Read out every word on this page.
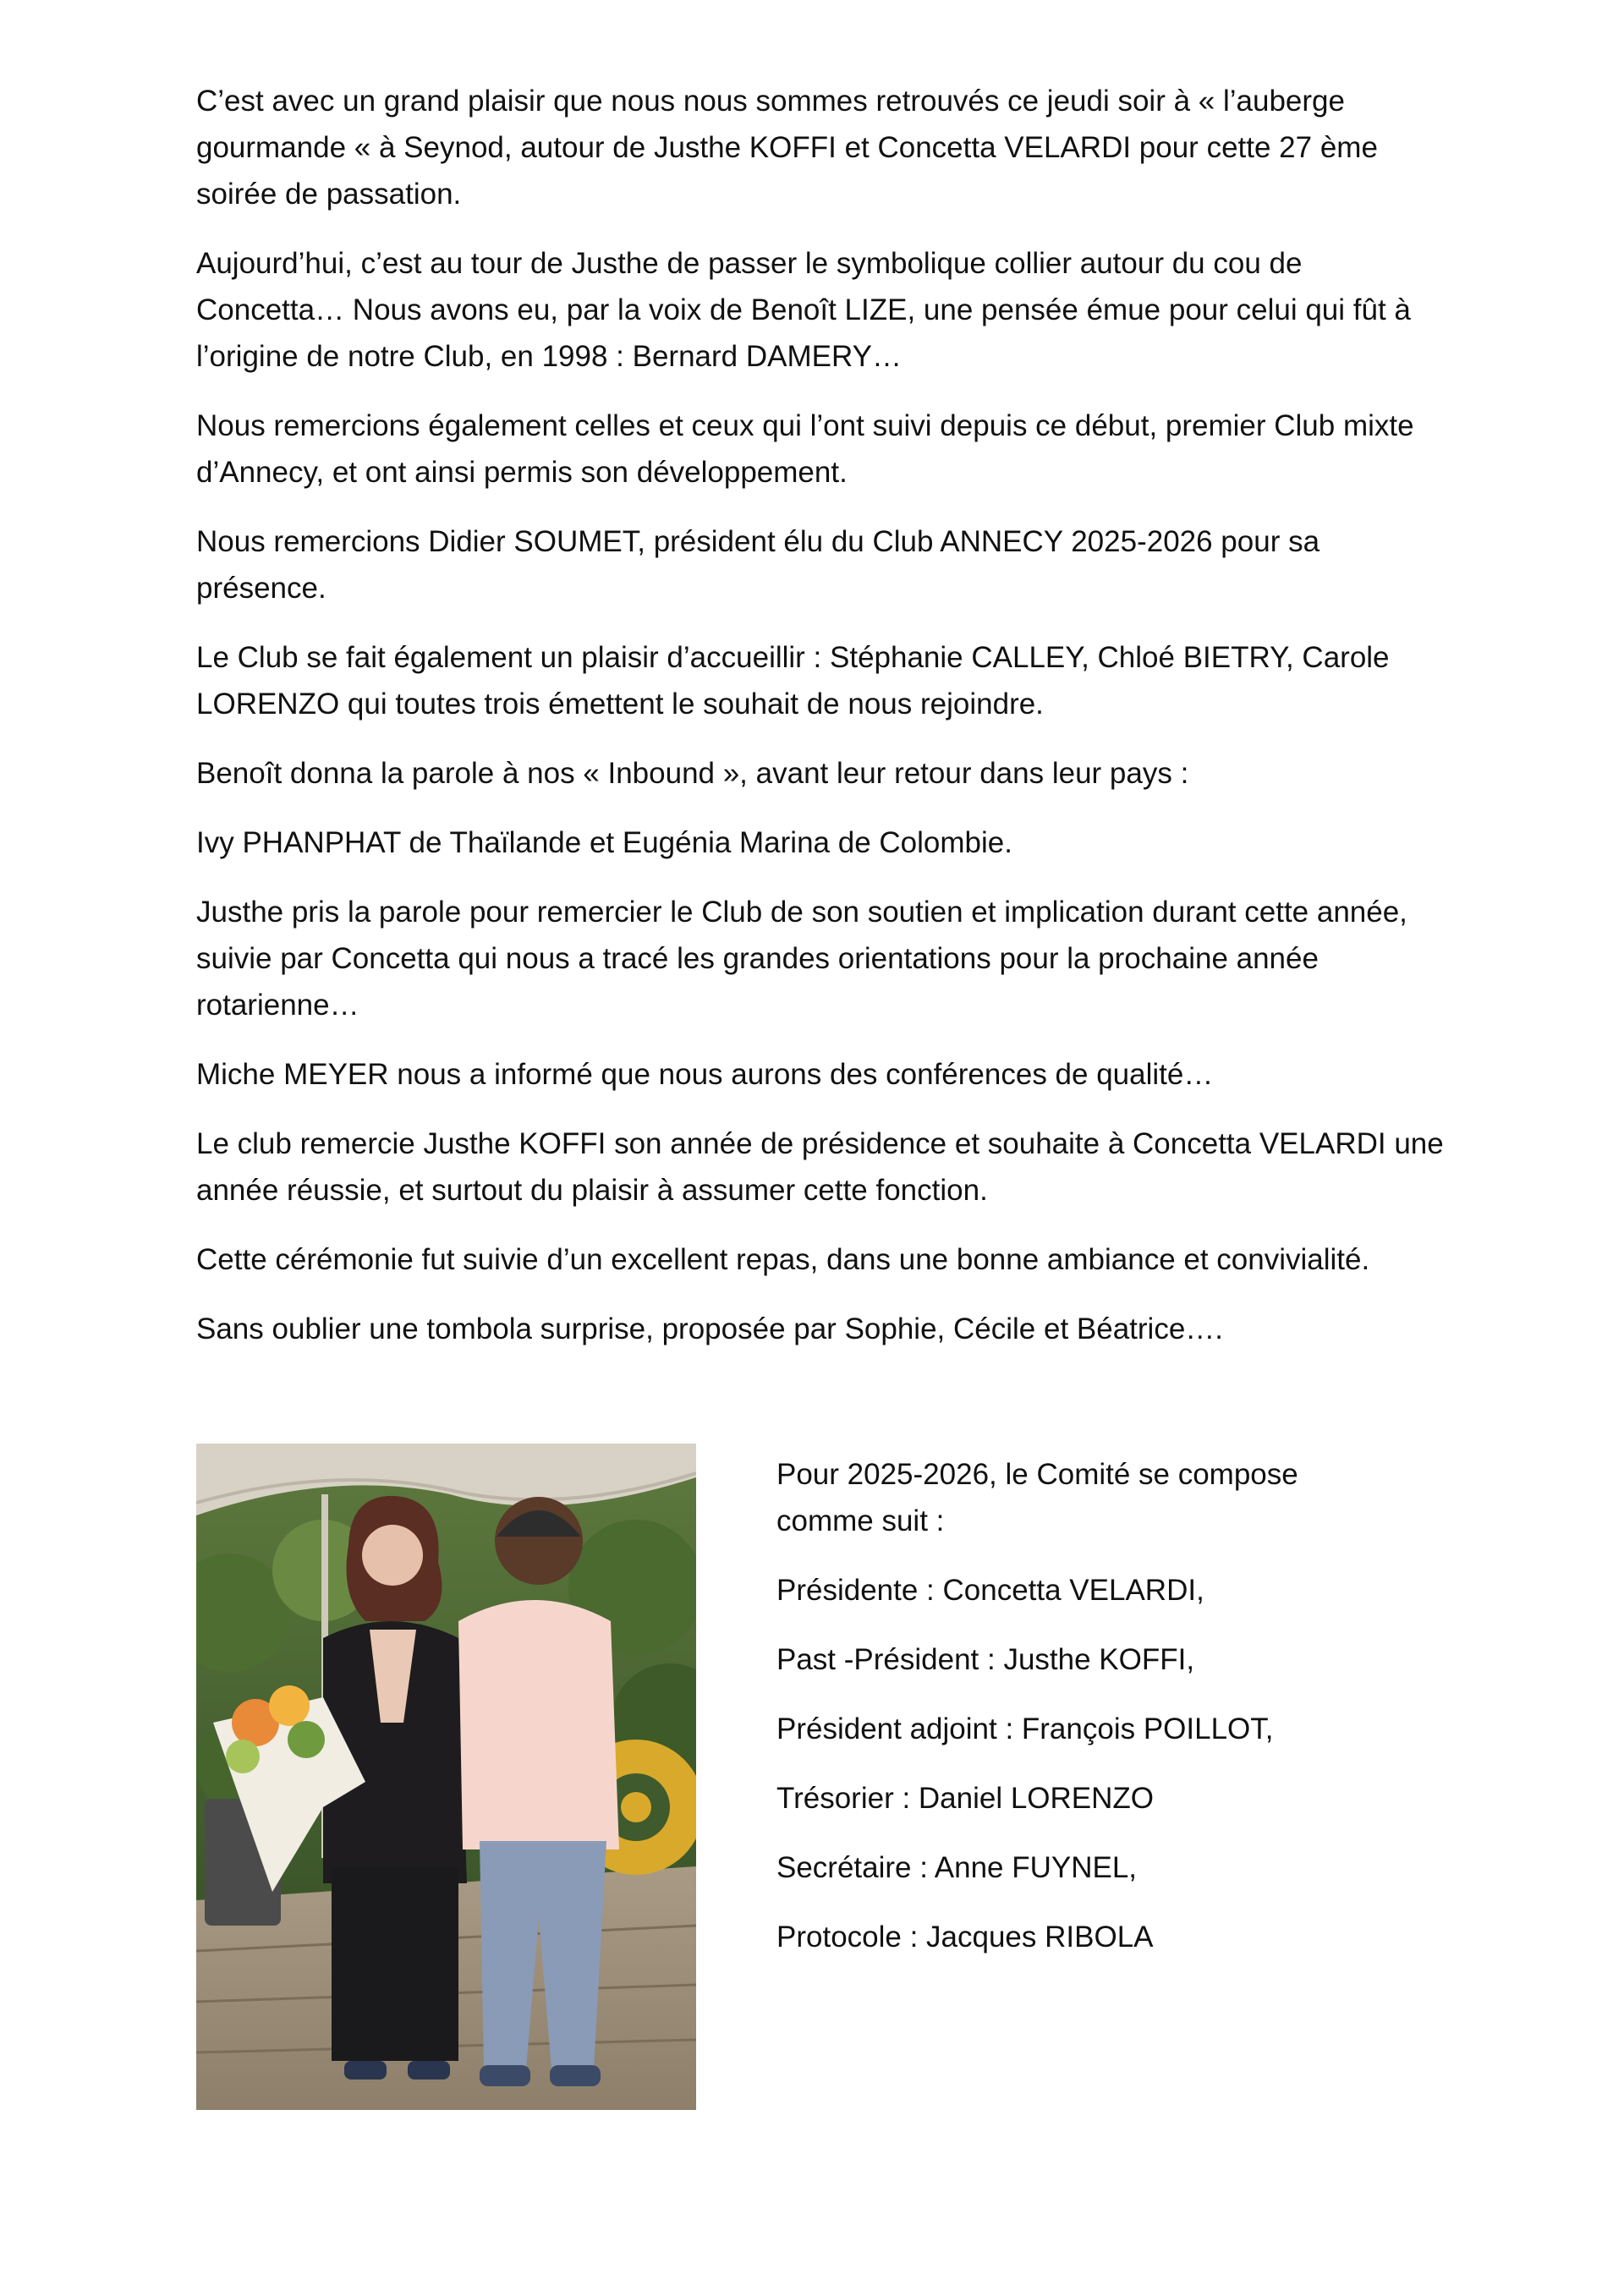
C’est avec un grand plaisir que nous nous sommes retrouvés ce jeudi soir à « l’auberge
gourmande « à Seynod, autour de Justhe KOFFI et Concetta VELARDI pour cette 27 ème
soirée de passation.

Aujourd’hui, c’est au tour de Justhe de passer le symbolique collier autour du cou de
Concetta… Nous avons eu, par la voix de Benoît LIZE, une pensée émue pour celui qui fût à
l’origine de notre Club, en 1998 : Bernard DAMERY…

Nous remercions également celles et ceux qui l’ont suivi depuis ce début, premier Club mixte
d’Annecy, et ont ainsi permis son développement.

Nous remercions Didier SOUMET, président élu du Club ANNECY 2025-2026 pour sa
présence.

Le Club se fait également un plaisir d’accueillir : Stéphanie CALLEY, Chloé BIETRY, Carole
LORENZO qui toutes trois émettent le souhait de nous rejoindre.

Benoît donna la parole à nos « Inbound », avant leur retour dans leur pays :

Ivy PHANPHAT de Thaïlande et Eugénia Marina de Colombie.

Justhe pris la parole pour remercier le Club de son soutien et implication durant cette année,
suivie par Concetta qui nous a tracé les grandes orientations pour la prochaine année
rotarienne…

Miche MEYER nous a informé que nous aurons des conférences de qualité…

Le club remercie Justhe KOFFI son année de présidence et souhaite à Concetta VELARDI une
année réussie, et surtout du plaisir à assumer cette fonction.

Cette cérémonie fut suivie d’un excellent repas, dans une bonne ambiance et convivialité.

Sans oublier une tombola surprise, proposée par Sophie, Cécile et Béatrice….

Pour 2025-2026, le Comité se compose
comme suit :

Présidente : Concetta VELARDI,

Past -Président : Justhe KOFFI,

Président adjoint : François POILLOT,

Trésorier : Daniel LORENZO

Secrétaire : Anne FUYNEL,

Protocole : Jacques RIBOLA
